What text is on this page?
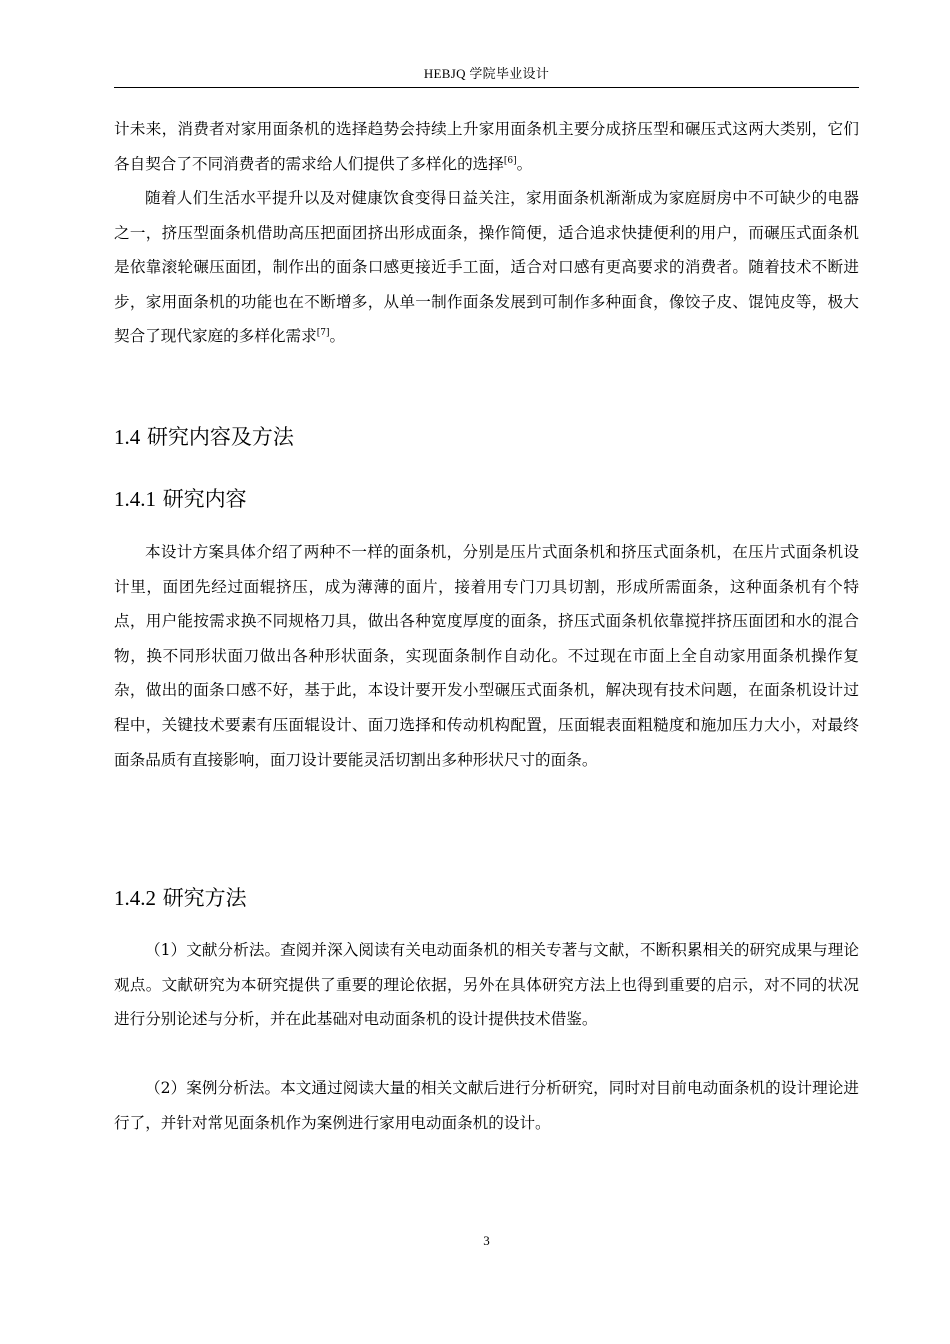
HEBJQ 学院毕业设计

计未来，消费者对家用面条机的选择趋势会持续上升家用面条机主要分成挤压型和碾压式这两大类别，它们各自契合了不同消费者的需求给人们提供了多样化的选择[6]。

随着人们生活水平提升以及对健康饮食变得日益关注，家用面条机渐渐成为家庭厨房中不可缺少的电器之一，挤压型面条机借助高压把面团挤出形成面条，操作简便，适合追求快捷便利的用户，而碾压式面条机是依靠滚轮碾压面团，制作出的面条口感更接近手工面，适合对口感有更高要求的消费者。随着技术不断进步，家用面条机的功能也在不断增多，从单一制作面条发展到可制作多种面食，像饺子皮、馄饨皮等，极大契合了现代家庭的多样化需求[7]。

1.4 研究内容及方法
1.4.1 研究内容

本设计方案具体介绍了两种不一样的面条机，分别是压片式面条机和挤压式面条机，在压片式面条机设计里，面团先经过面辊挤压，成为薄薄的面片，接着用专门刀具切割，形成所需面条，这种面条机有个特点，用户能按需求换不同规格刀具，做出各种宽度厚度的面条，挤压式面条机依靠搅拌挤压面团和水的混合物，换不同形状面刀做出各种形状面条，实现面条制作自动化。不过现在市面上全自动家用面条机操作复杂，做出的面条口感不好，基于此，本设计要开发小型碾压式面条机，解决现有技术问题，在面条机设计过程中，关键技术要素有压面辊设计、面刀选择和传动机构配置，压面辊表面粗糙度和施加压力大小，对最终面条品质有直接影响，面刀设计要能灵活切割出多种形状尺寸的面条。

1.4.2 研究方法

（1）文献分析法。查阅并深入阅读有关电动面条机的相关专著与文献，不断积累相关的研究成果与理论观点。文献研究为本研究提供了重要的理论依据，另外在具体研究方法上也得到重要的启示，对不同的状况进行分别论述与分析，并在此基础对电动面条机的设计提供技术借鉴。

（2）案例分析法。本文通过阅读大量的相关文献后进行分析研究，同时对目前电动面条机的设计理论进行了，并针对常见面条机作为案例进行家用电动面条机的设计。

3
